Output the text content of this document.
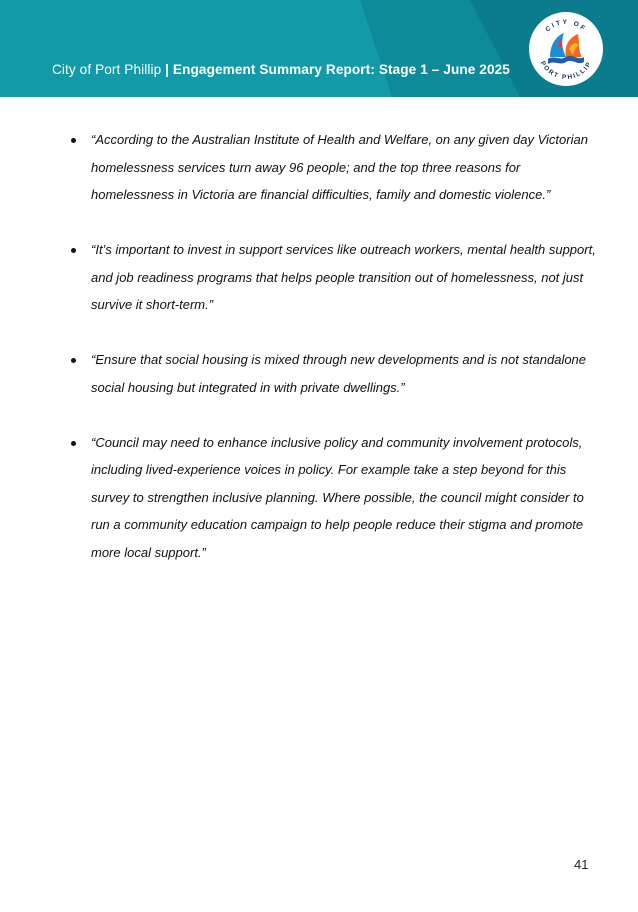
City of Port Phillip | Engagement Summary Report: Stage 1 – June 2025
CITY OF
PORT PHILLIP
“According to the Australian Institute of Health and Welfare, on any given day Victorian homelessness services turn away 96 people; and the top three reasons for homelessness in Victoria are financial difficulties, family and domestic violence.”
“It’s important to invest in support services like outreach workers, mental health support, and job readiness programs that helps people transition out of homelessness, not just survive it short-term.”
“Ensure that social housing is mixed through new developments and is not standalone social housing but integrated in with private dwellings.”
“Council may need to enhance inclusive policy and community involvement protocols, including lived-experience voices in policy. For example take a step beyond for this survey to strengthen inclusive planning. Where possible, the council might consider to run a community education campaign to help people reduce their stigma and promote more local support.”
41
